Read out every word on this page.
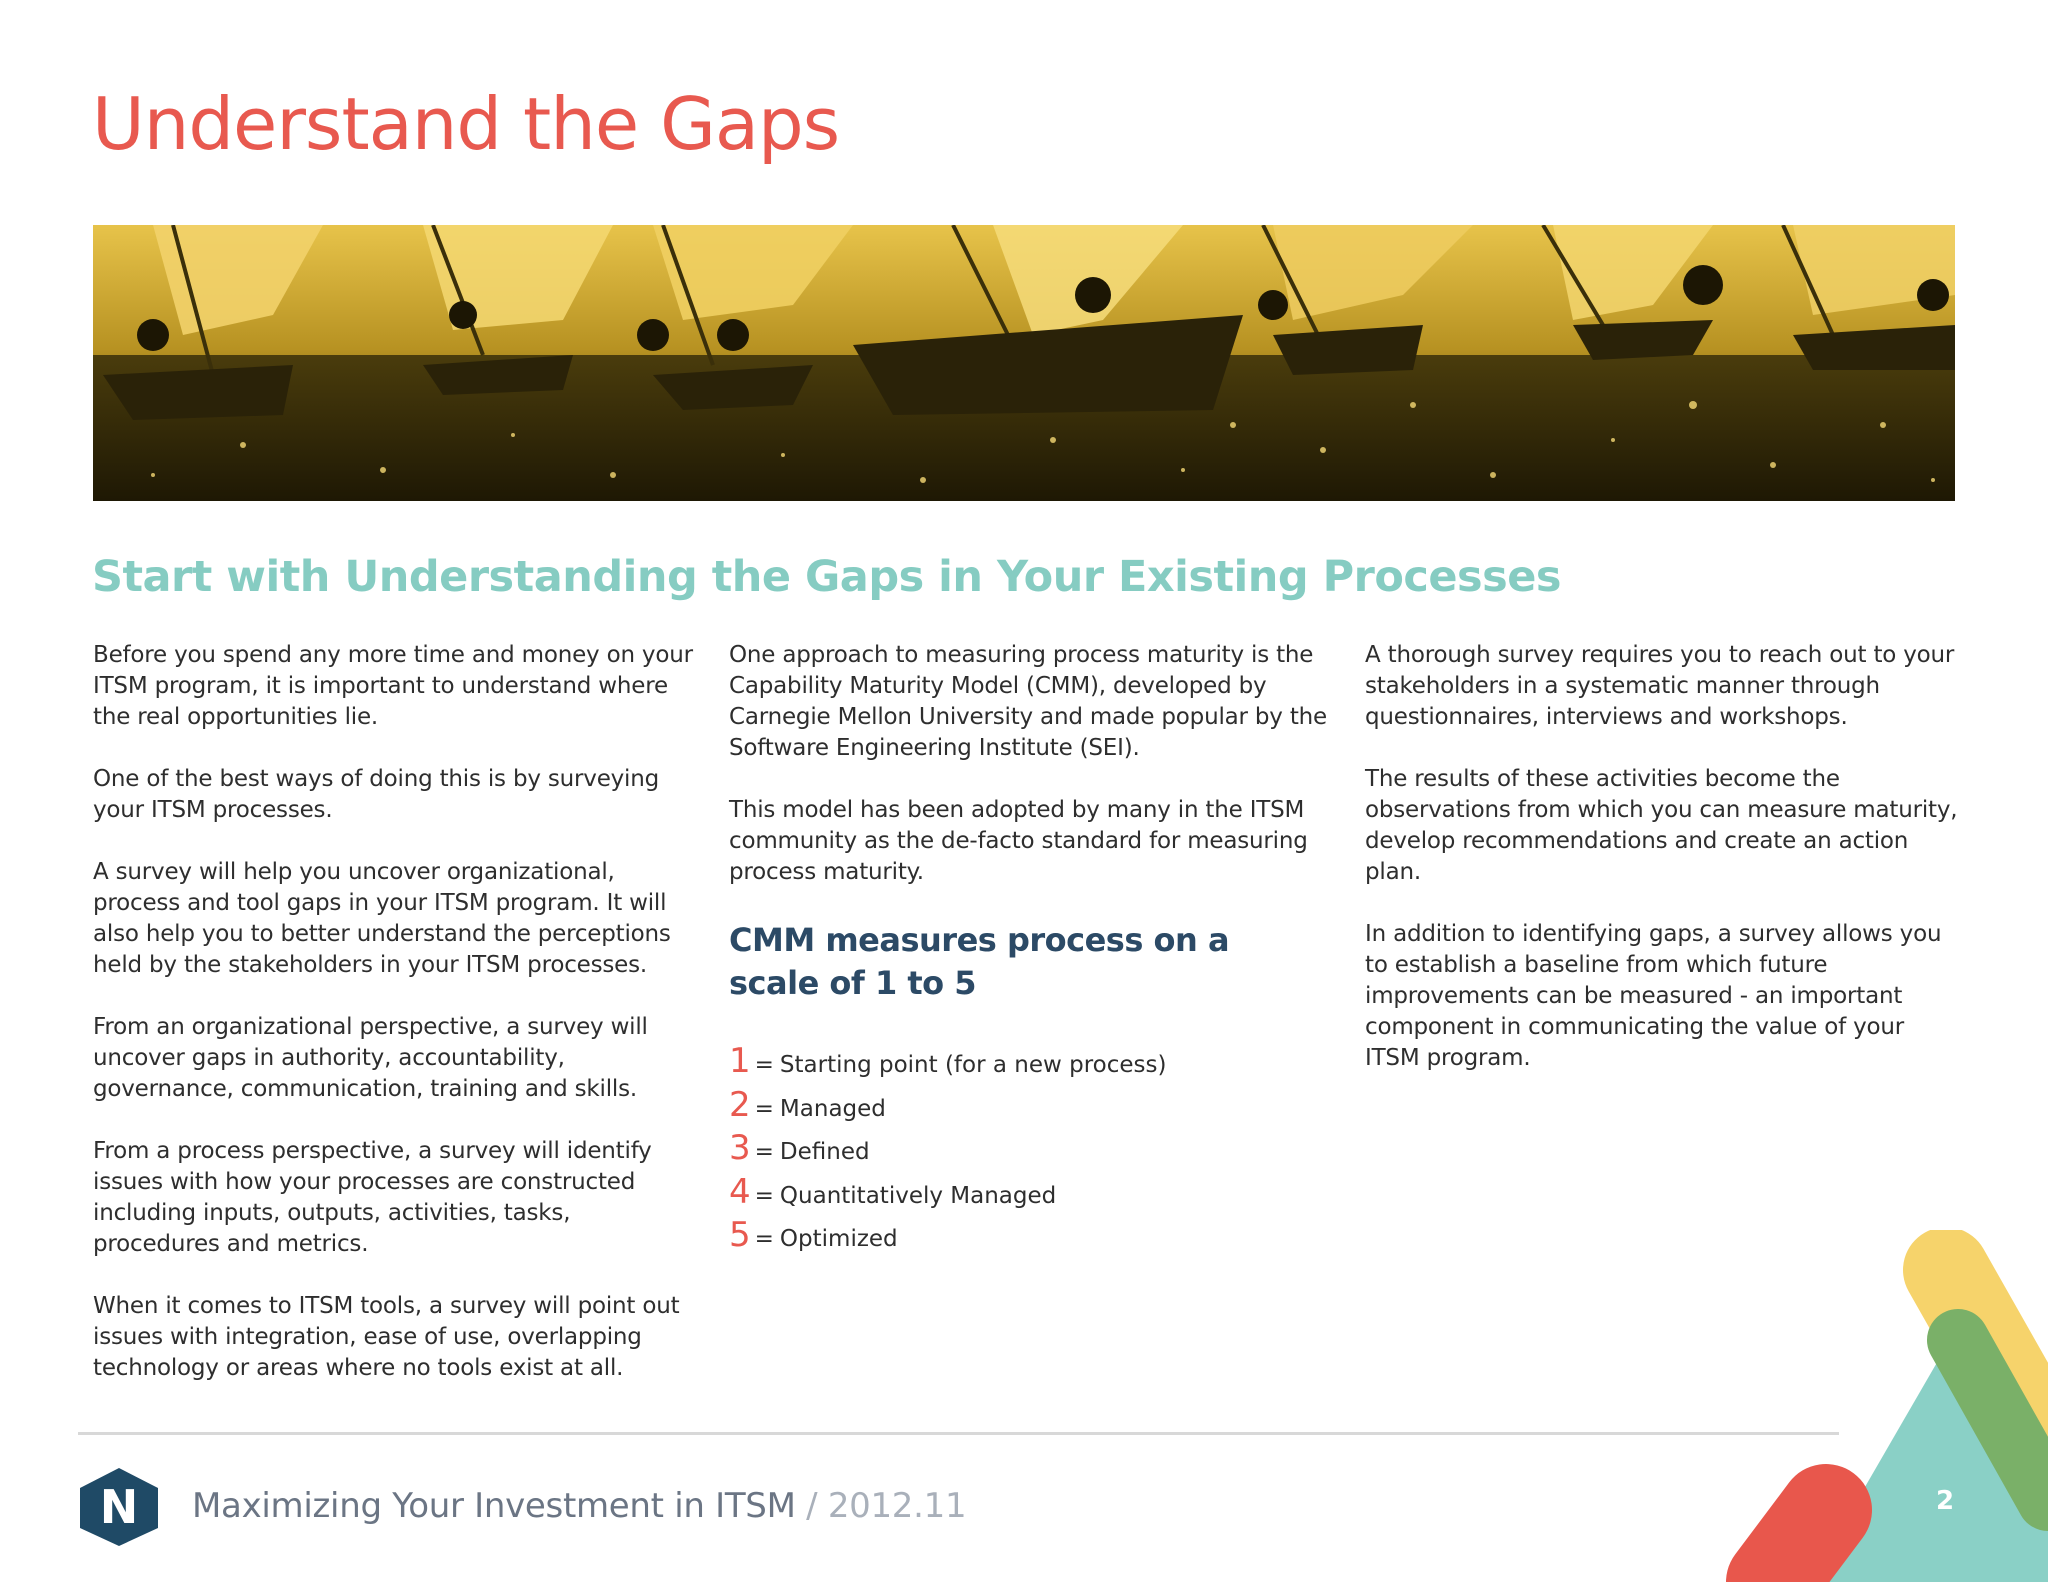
Understand the Gaps
Start with Understanding the Gaps in Your Existing Processes

Before you spend any more time and money on your ITSM program, it is important to understand where the real opportunities lie.

One of the best ways of doing this is by surveying your ITSM processes.

A survey will help you uncover organizational, process and tool gaps in your ITSM program. It will also help you to better understand the perceptions held by the stakeholders in your ITSM processes.

From an organizational perspective, a survey will uncover gaps in authority, accountability, governance, communication, training and skills.

From a process perspective, a survey will identify issues with how your processes are constructed including inputs, outputs, activities, tasks, procedures and metrics.

When it comes to ITSM tools, a survey will point out issues with integration, ease of use, overlapping technology or areas where no tools exist at all.

One approach to measuring process maturity is the Capability Maturity Model (CMM), developed by Carnegie Mellon University and made popular by the Software Engineering Institute (SEI).

This model has been adopted by many in the ITSM community as the de-facto standard for measuring process maturity.

CMM measures process on a scale of 1 to 5
1 = Starting point (for a new process)
2 = Managed
3 = Defined
4 = Quantitatively Managed
5 = Optimized

A thorough survey requires you to reach out to your stakeholders in a systematic manner through questionnaires, interviews and workshops.

The results of these activities become the observations from which you can measure maturity, develop recommendations and create an action plan.

In addition to identifying gaps, a survey allows you to establish a baseline from which future improvements can be measured - an important component in communicating the value of your ITSM program.

N Maximizing Your Investment in ITSM / 2012.11	2
